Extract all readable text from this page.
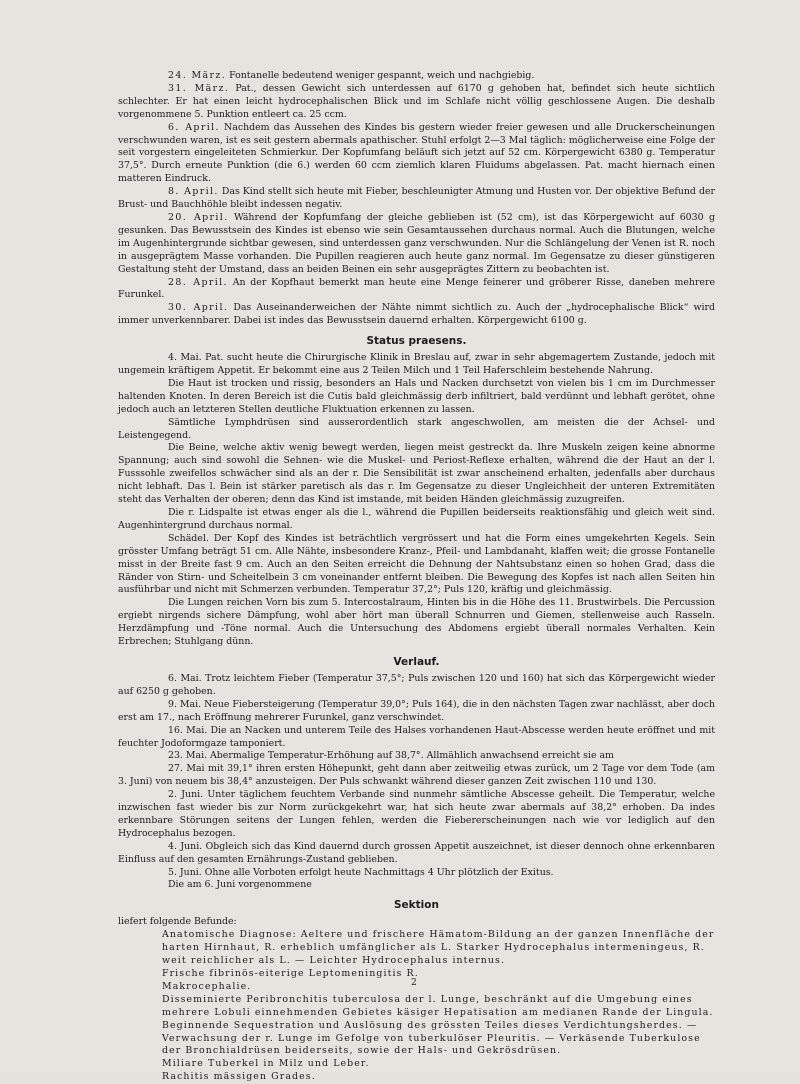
24. März. Fontanelle bedeutend weniger gespannt, weich und nachgiebig.

31. März. Pat., dessen Gewicht sich unterdessen auf 6170 g gehoben hat, befindet sich heute sichtlich schlechter. Er hat einen leicht hydrocephalischen Blick und im Schlafe nicht völlig geschlossene Augen. Die deshalb vorgenommene 5. Punktion entleert ca. 25 ccm.

6. April. Nachdem das Aussehen des Kindes bis gestern wieder freier gewesen und alle Druckerscheinungen verschwunden waren, ist es seit gestern abermals apathischer. Stuhl erfolgt 2—3 Mal täglich: möglicherweise eine Folge der seit vorgestern eingeleiteten Schmierkur. Der Kopfumfang beläuft sich jetzt auf 52 cm. Körpergewicht 6380 g. Temperatur 37,5°. Durch erneute Punktion (die 6.) werden 60 ccm ziemlich klaren Fluidums abgelassen. Pat. macht hiernach einen matteren Eindruck.

8. April. Das Kind stellt sich heute mit Fieber, beschleunigter Atmung und Husten vor. Der objektive Befund der Brust- und Bauchhöhle bleibt indessen negativ.

20. April. Während der Kopfumfang der gleiche geblieben ist (52 cm), ist das Körpergewicht auf 6030 g gesunken. Das Bewusstsein des Kindes ist ebenso wie sein Gesamtaussehen durchaus normal. Auch die Blutungen, welche im Augenhintergrunde sichtbar gewesen, sind unterdessen ganz verschwunden. Nur die Schlängelung der Venen ist R. noch in ausgeprägtem Masse vorhanden. Die Pupillen reagieren auch heute ganz normal. Im Gegensatze zu dieser günstigeren Gestaltung steht der Umstand, dass an beiden Beinen ein sehr ausgeprägtes Zittern zu beobachten ist.

28. April. An der Kopfhaut bemerkt man heute eine Menge feinerer und gröberer Risse, daneben mehrere Furunkel.

30. April. Das Auseinanderweichen der Nähte nimmt sichtlich zu. Auch der „hydrocephalische Blick“ wird immer unverkennbarer. Dabei ist indes das Bewusstsein dauernd erhalten. Körpergewicht 6100 g.

Status praesens.

4. Mai. Pat. sucht heute die Chirurgische Klinik in Breslau auf, zwar in sehr abgemagertem Zustande, jedoch mit ungemein kräftigem Appetit. Er bekommt eine aus 2 Teilen Milch und 1 Teil Haferschleim bestehende Nahrung.

Die Haut ist trocken und rissig, besonders an Hals und Nacken durchsetzt von vielen bis 1 cm im Durchmesser haltenden Knoten. In deren Bereich ist die Cutis bald gleichmässig derb infiltriert, bald verdünnt und lebhaft gerötet, ohne jedoch auch an letzteren Stellen deutliche Fluktuation erkennen zu lassen.

Sämtliche Lymphdrüsen sind ausserordentlich stark angeschwollen, am meisten die der Achsel- und Leistengegend.

Die Beine, welche aktiv wenig bewegt werden, liegen meist gestreckt da. Ihre Muskeln zeigen keine abnorme Spannung; auch sind sowohl die Sehnen- wie die Muskel- und Periost-Reflexe erhalten, während die der Haut an der l. Fusssohle zweifellos schwächer sind als an der r. Die Sensibilität ist zwar anscheinend erhalten, jedenfalls aber durchaus nicht lebhaft. Das l. Bein ist stärker paretisch als das r. Im Gegensatze zu dieser Ungleichheit der unteren Extremitäten steht das Verhalten der oberen; denn das Kind ist imstande, mit beiden Händen gleichmässig zuzugreifen.

Die r. Lidspalte ist etwas enger als die l., während die Pupillen beiderseits reaktionsfähig und gleich weit sind. Augenhintergrund durchaus normal.

Schädel. Der Kopf des Kindes ist beträchtlich vergrössert und hat die Form eines umgekehrten Kegels. Sein grösster Umfang beträgt 51 cm. Alle Nähte, insbesondere Kranz-, Pfeil- und Lambdanaht, klaffen weit; die grosse Fontanelle misst in der Breite fast 9 cm. Auch an den Seiten erreicht die Dehnung der Nahtsubstanz einen so hohen Grad, dass die Ränder von Stirn- und Scheitelbein 3 cm voneinander entfernt bleiben. Die Bewegung des Kopfes ist nach allen Seiten hin ausführbar und nicht mit Schmerzen verbunden. Temperatur 37,2°; Puls 120, kräftig und gleichmässig.

Die Lungen reichen Vorn bis zum 5. Intercostalraum, Hinten bis in die Höhe des 11. Brustwirbels. Die Percussion ergiebt nirgends sichere Dämpfung, wohl aber hört man überall Schnurren und Giemen, stellenweise auch Rasseln. Herzdämpfung und -Töne normal. Auch die Untersuchung des Abdomens ergiebt überall normales Verhalten. Kein Erbrechen; Stuhlgang dünn.

Verlauf.

6. Mai. Trotz leichtem Fieber (Temperatur 37,5°; Puls zwischen 120 und 160) hat sich das Körpergewicht wieder auf 6250 g gehoben.

9. Mai. Neue Fiebersteigerung (Temperatur 39,0°; Puls 164), die in den nächsten Tagen zwar nachlässt, aber doch erst am 17., nach Eröffnung mehrerer Furunkel, ganz verschwindet.

16. Mai. Die an Nacken und unterem Teile des Halses vorhandenen Haut-Abscesse werden heute eröffnet und mit feuchter Jodoformgaze tamponiert.

23. Mai. Abermalige Temperatur-Erhöhung auf 38,7°. Allmählich anwachsend erreicht sie am

27. Mai mit 39,1° ihren ersten Höhepunkt, geht dann aber zeitweilig etwas zurück, um 2 Tage vor dem Tode (am 3. Juni) von neuem bis 38,4° anzusteigen. Der Puls schwankt während dieser ganzen Zeit zwischen 110 und 130.

2. Juni. Unter täglichem feuchtem Verbande sind nunmehr sämtliche Abscesse geheilt. Die Temperatur, welche inzwischen fast wieder bis zur Norm zurückgekehrt war, hat sich heute zwar abermals auf 38,2° erhoben. Da indes erkennbare Störungen seitens der Lungen fehlen, werden die Fiebererscheinungen nach wie vor lediglich auf den Hydrocephalus bezogen.

4. Juni. Obgleich sich das Kind dauernd durch grossen Appetit auszeichnet, ist dieser dennoch ohne erkennbaren Einfluss auf den gesamten Ernährungs-Zustand geblieben.

5. Juni. Ohne alle Vorboten erfolgt heute Nachmittags 4 Uhr plötzlich der Exitus.

Die am 6. Juni vorgenommene

Sektion

liefert folgende Befunde:

Anatomische Diagnose: Aeltere und frischere Hämatom-Bildung an der ganzen Innenfläche der harten Hirnhaut, R. erheblich umfänglicher als L. Starker Hydrocephalus intermeningeus, R. weit reichlicher als L. — Leichter Hydrocephalus internus.

Frische fibrinös-eiterige Leptomeningitis R.

Makrocephalie.

Disseminierte Peribronchitis tuberculosa der l. Lunge, beschränkt auf die Umgebung eines mehrere Lobuli einnehmenden Gebietes käsiger Hepatisation am medianen Rande der Lingula. Beginnende Sequestration und Auslösung des grössten Teiles dieses Verdichtungsherdes. — Verwachsung der r. Lunge im Gefolge von tuberkulöser Pleuritis. — Verkäsende Tuberkulose der Bronchialdrüsen beiderseits, sowie der Hals- und Gekrösdrüsen.

Miliare Tuberkel in Milz und Leber.

Rachitis mässigen Grades.

2
